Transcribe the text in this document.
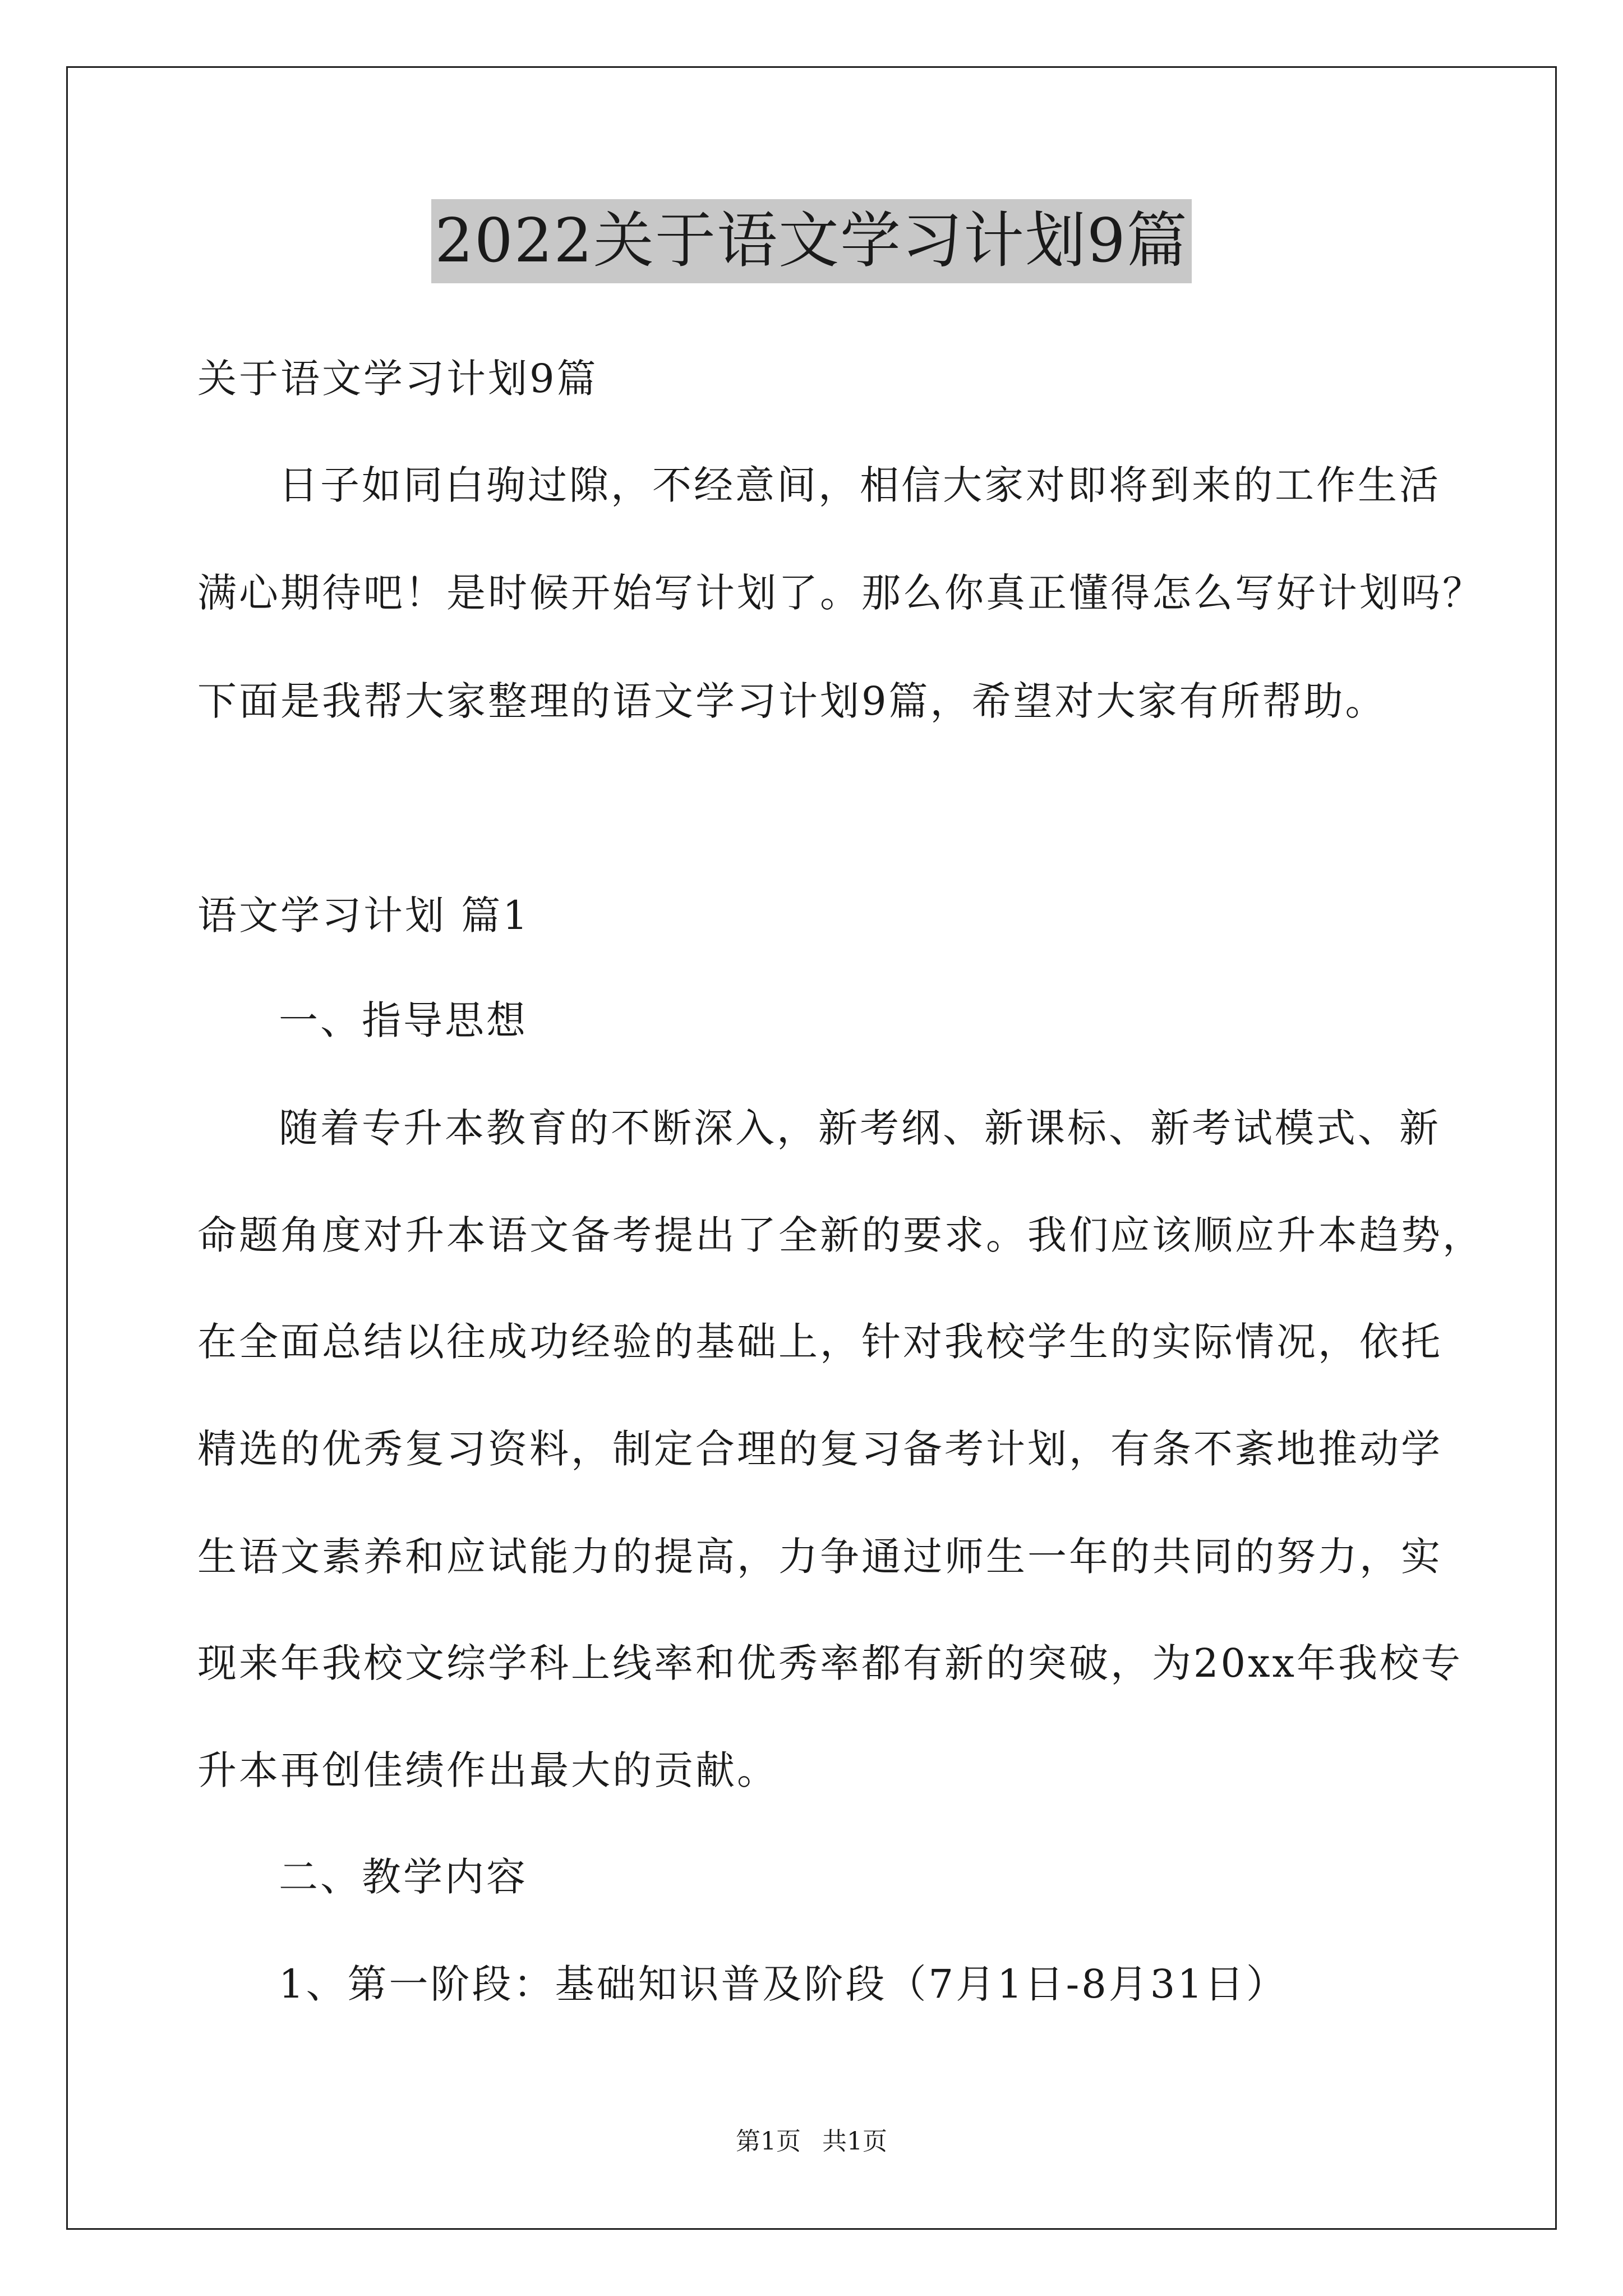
2022关于语文学习计划9篇
关于语文学习计划9篇
日子如同白驹过隙，不经意间，相信大家对即将到来的工作生活
满心期待吧！是时候开始写计划了。那么你真正懂得怎么写好计划吗？
下面是我帮大家整理的语文学习计划9篇，希望对大家有所帮助。
语文学习计划 篇1
一、指导思想
随着专升本教育的不断深入，新考纲、新课标、新考试模式、新
命题角度对升本语文备考提出了全新的要求。我们应该顺应升本趋势，
在全面总结以往成功经验的基础上，针对我校学生的实际情况，依托
精选的优秀复习资料，制定合理的复习备考计划，有条不紊地推动学
生语文素养和应试能力的提高，力争通过师生一年的共同的努力，实
现来年我校文综学科上线率和优秀率都有新的突破，为20xx年我校专
升本再创佳绩作出最大的贡献。
二、教学内容
1、第一阶段：基础知识普及阶段（7月1日-8月31日）
第1页 共1页
